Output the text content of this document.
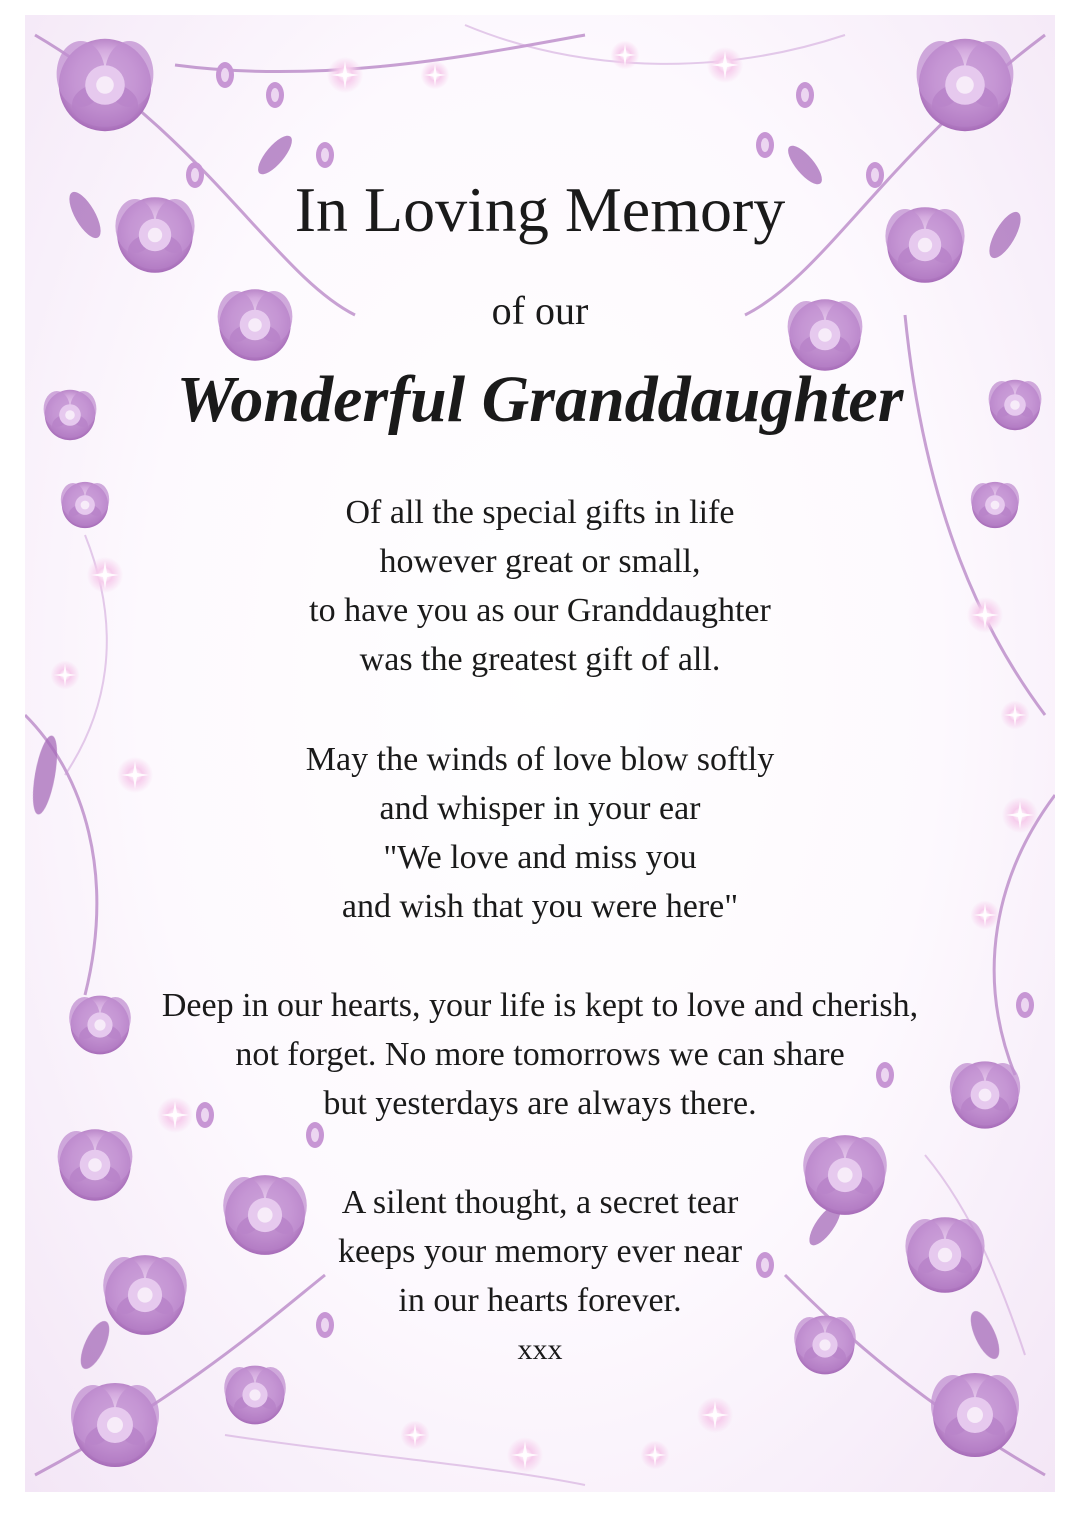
In Loving Memory
of our
Wonderful Granddaughter
Of all the special gifts in life
however great or small,
to have you as our Granddaughter
was the greatest gift of all.
May the winds of love blow softly
and whisper in your ear
"We love and miss you
and wish that you were here"
Deep in our hearts, your life is kept to love and cherish,
not forget. No more tomorrows we can share
but yesterdays are always there.
A silent thought, a secret tear
keeps your memory ever near
in our hearts forever.
xxx
